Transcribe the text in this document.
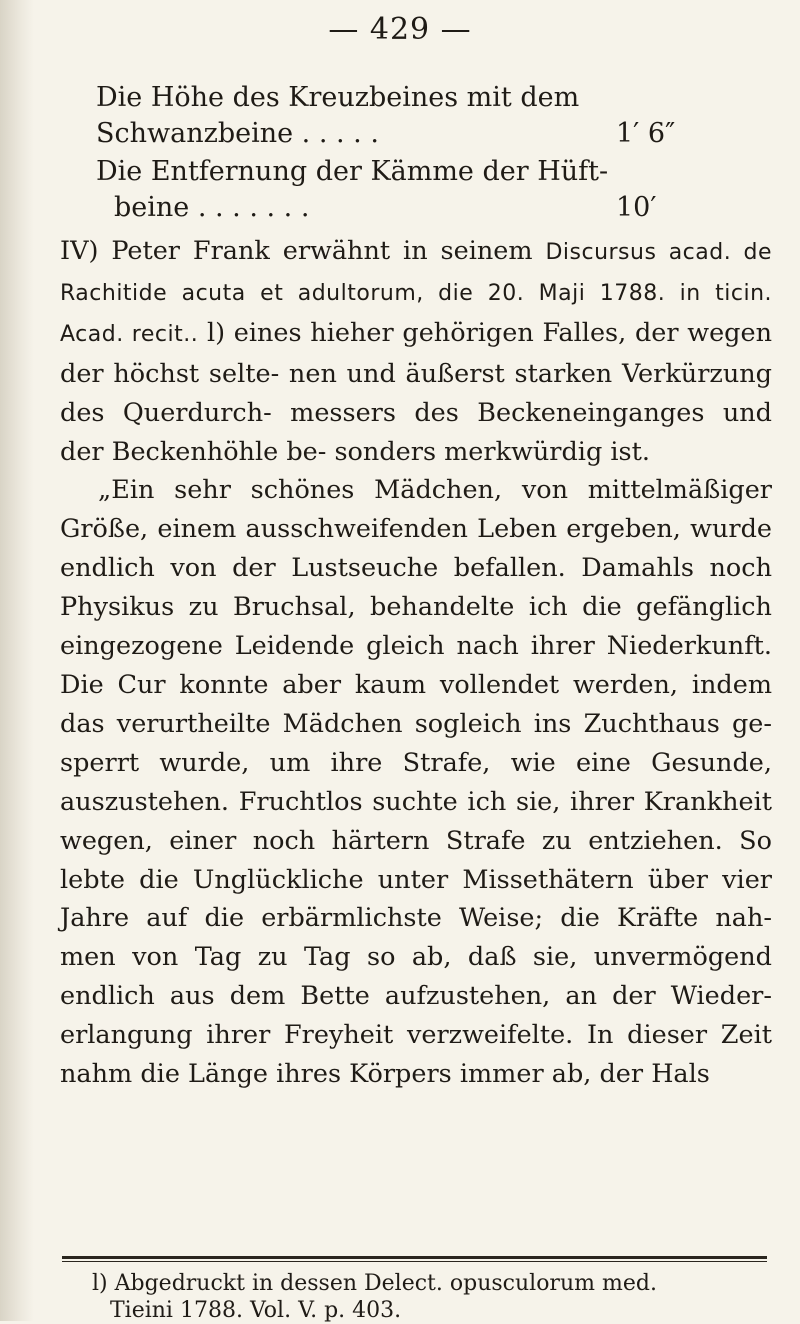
— 429 —
Die Höhe des Kreuzbeines mit dem
Schwanzbeine . . . . .	1′ 6″
Die Entfernung der Kämme der Hüft-
beine . . . . . . .	10′

IV) Peter Frank erwähnt in seinem Discursus acad. de Rachitide acuta et adultorum, die 20. Maji 1788. in ticin. Acad. recit.. l) eines hieher gehörigen Falles, der wegen der höchst selte- nen und äußerst starken Verkürzung des Querdurch- messers des Beckeneinganges und der Beckenhöhle be- sonders merkwürdig ist.

„Ein sehr schönes Mädchen, von mittelmäßiger Größe, einem ausschweifenden Leben ergeben, wurde endlich von der Lustseuche befallen. Damahls noch Physikus zu Bruchsal, behandelte ich die gefänglich eingezogene Leidende gleich nach ihrer Niederkunft. Die Cur konnte aber kaum vollendet werden, indem das verurtheilte Mädchen sogleich ins Zuchthaus ge- sperrt wurde, um ihre Strafe, wie eine Gesunde, auszustehen. Fruchtlos suchte ich sie, ihrer Krankheit wegen, einer noch härtern Strafe zu entziehen. So lebte die Unglückliche unter Missethätern über vier Jahre auf die erbärmlichste Weise; die Kräfte nah- men von Tag zu Tag so ab, daß sie, unvermögend endlich aus dem Bette aufzustehen, an der Wieder- erlangung ihrer Freyheit verzweifelte. In dieser Zeit nahm die Länge ihres Körpers immer ab, der Hals

l) Abgedruckt in dessen Delect. opusculorum med.

Tieini 1788. Vol. V. p. 403.
